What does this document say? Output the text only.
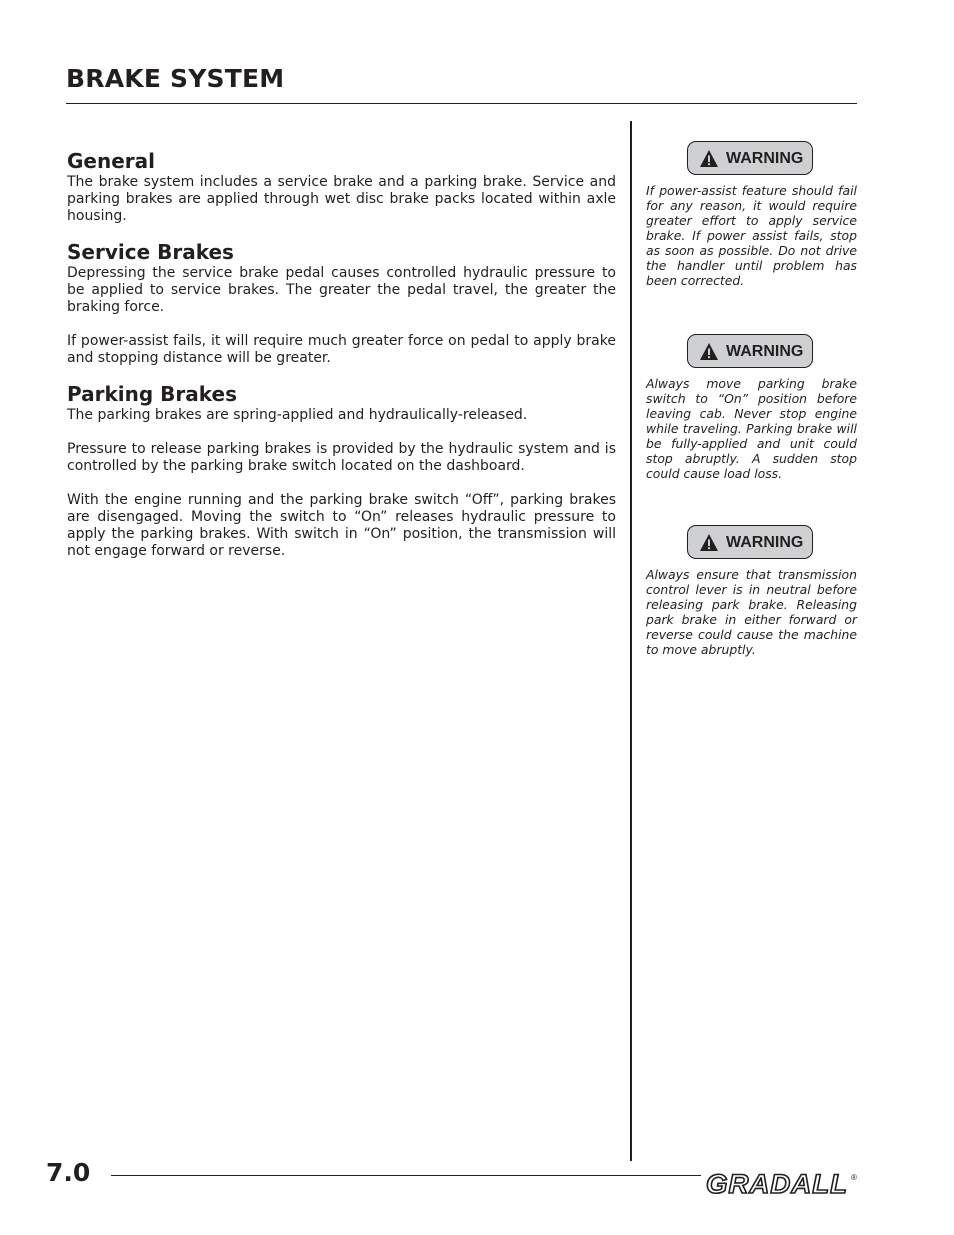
BRAKE SYSTEM
General

The brake system includes a service brake and a parking brake. Service and parking brakes are applied through wet disc brake packs located within axle housing.

Service Brakes

Depressing the service brake pedal causes controlled hydraulic pressure to be applied to service brakes. The greater the pedal travel, the greater the braking force.

If power-assist fails, it will require much greater force on pedal to apply brake and stopping distance will be greater.

Parking Brakes

The parking brakes are spring-applied and hydraulically-released.

Pressure to release parking brakes is provided by the hydraulic system and is controlled by the parking brake switch located on the dashboard.

With the engine running and the parking brake switch “Off”, parking brakes are disengaged. Moving the switch to “On” releases hydraulic pressure to apply the parking brakes. With switch in “On” position, the transmission will not engage forward or reverse.

WARNING

If power-assist feature should fail for any reason, it would require greater effort to apply service brake. If power assist fails, stop as soon as possible. Do not drive the handler until problem has been corrected.

WARNING

Always move parking brake switch to “On” position before leaving cab. Never stop engine while traveling. Parking brake will be fully-applied and unit could stop abruptly. A sudden stop could cause load loss.

WARNING

Always ensure that transmission control lever is in neutral before releasing park brake. Releasing park brake in either forward or reverse could cause the machine to move abruptly.

7.0	GRADALL ®
